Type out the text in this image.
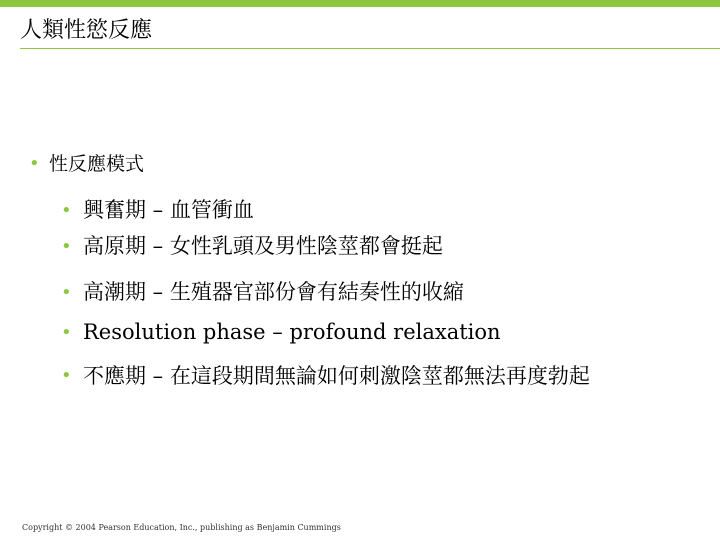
人類性慾反應
• 性反應模式
• 興奮期 – 血管衝血
• 高原期 – 女性乳頭及男性陰莖都會挺起
• 高潮期 – 生殖器官部份會有結奏性的收縮
• Resolution phase – profound relaxation
• 不應期 – 在這段期間無論如何刺激陰莖都無法再度勃起
Copyright © 2004 Pearson Education, Inc., publishing as Benjamin Cummings
